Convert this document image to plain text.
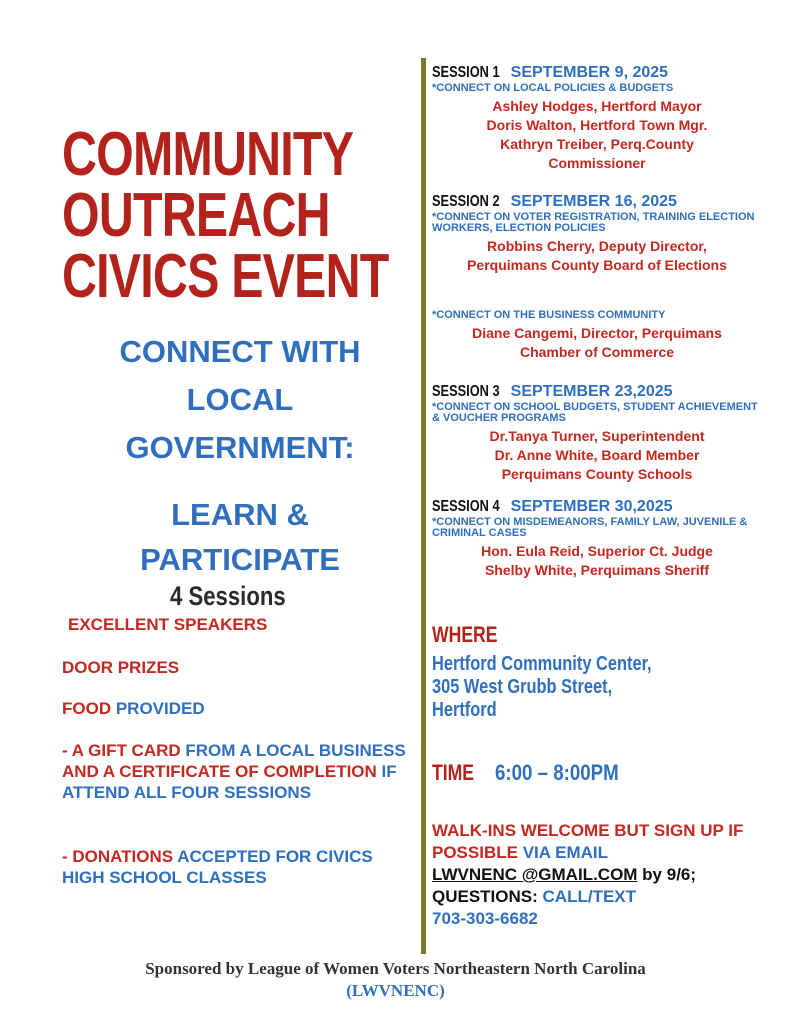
COMMUNITY
OUTREACH
CIVICS EVENT
CONNECT WITH
LOCAL
GOVERNMENT:
LEARN &
PARTICIPATE
4 Sessions
EXCELLENT SPEAKERS
DOOR PRIZES
FOOD PROVIDED
- A GIFT CARD FROM A LOCAL BUSINESS AND A CERTIFICATE OF COMPLETION IF ATTEND ALL FOUR SESSIONS
- DONATIONS ACCEPTED FOR CIVICS HIGH SCHOOL CLASSES
SESSION 1 SEPTEMBER 9, 2025
*CONNECT ON LOCAL POLICIES & BUDGETS
Ashley Hodges, Hertford Mayor
Doris Walton, Hertford Town Mgr.
Kathryn Treiber, Perq.County
Commissioner
SESSION 2 SEPTEMBER 16, 2025
*CONNECT ON VOTER REGISTRATION, TRAINING ELECTION WORKERS, ELECTION POLICIES
Robbins Cherry, Deputy Director,
Perquimans County Board of Elections
*CONNECT ON THE BUSINESS COMMUNITY
Diane Cangemi, Director, Perquimans
Chamber of Commerce
SESSION 3 SEPTEMBER 23,2025
*CONNECT ON SCHOOL BUDGETS, STUDENT ACHIEVEMENT & VOUCHER PROGRAMS
Dr.Tanya Turner, Superintendent
Dr. Anne White, Board Member
Perquimans County Schools
SESSION 4 SEPTEMBER 30,2025
*CONNECT ON MISDEMEANORS, FAMILY LAW, JUVENILE & CRIMINAL CASES
Hon. Eula Reid, Superior Ct. Judge
Shelby White, Perquimans Sheriff
WHERE
Hertford Community Center,
305 West Grubb Street,
Hertford
TIME 6:00 – 8:00PM
WALK-INS WELCOME BUT SIGN UP IF POSSIBLE VIA EMAIL
LWVNENC @GMAIL.COM by 9/6; QUESTIONS: CALL/TEXT
703-303-6682
Sponsored by League of Women Voters Northeastern North Carolina
(LWVNENC)
